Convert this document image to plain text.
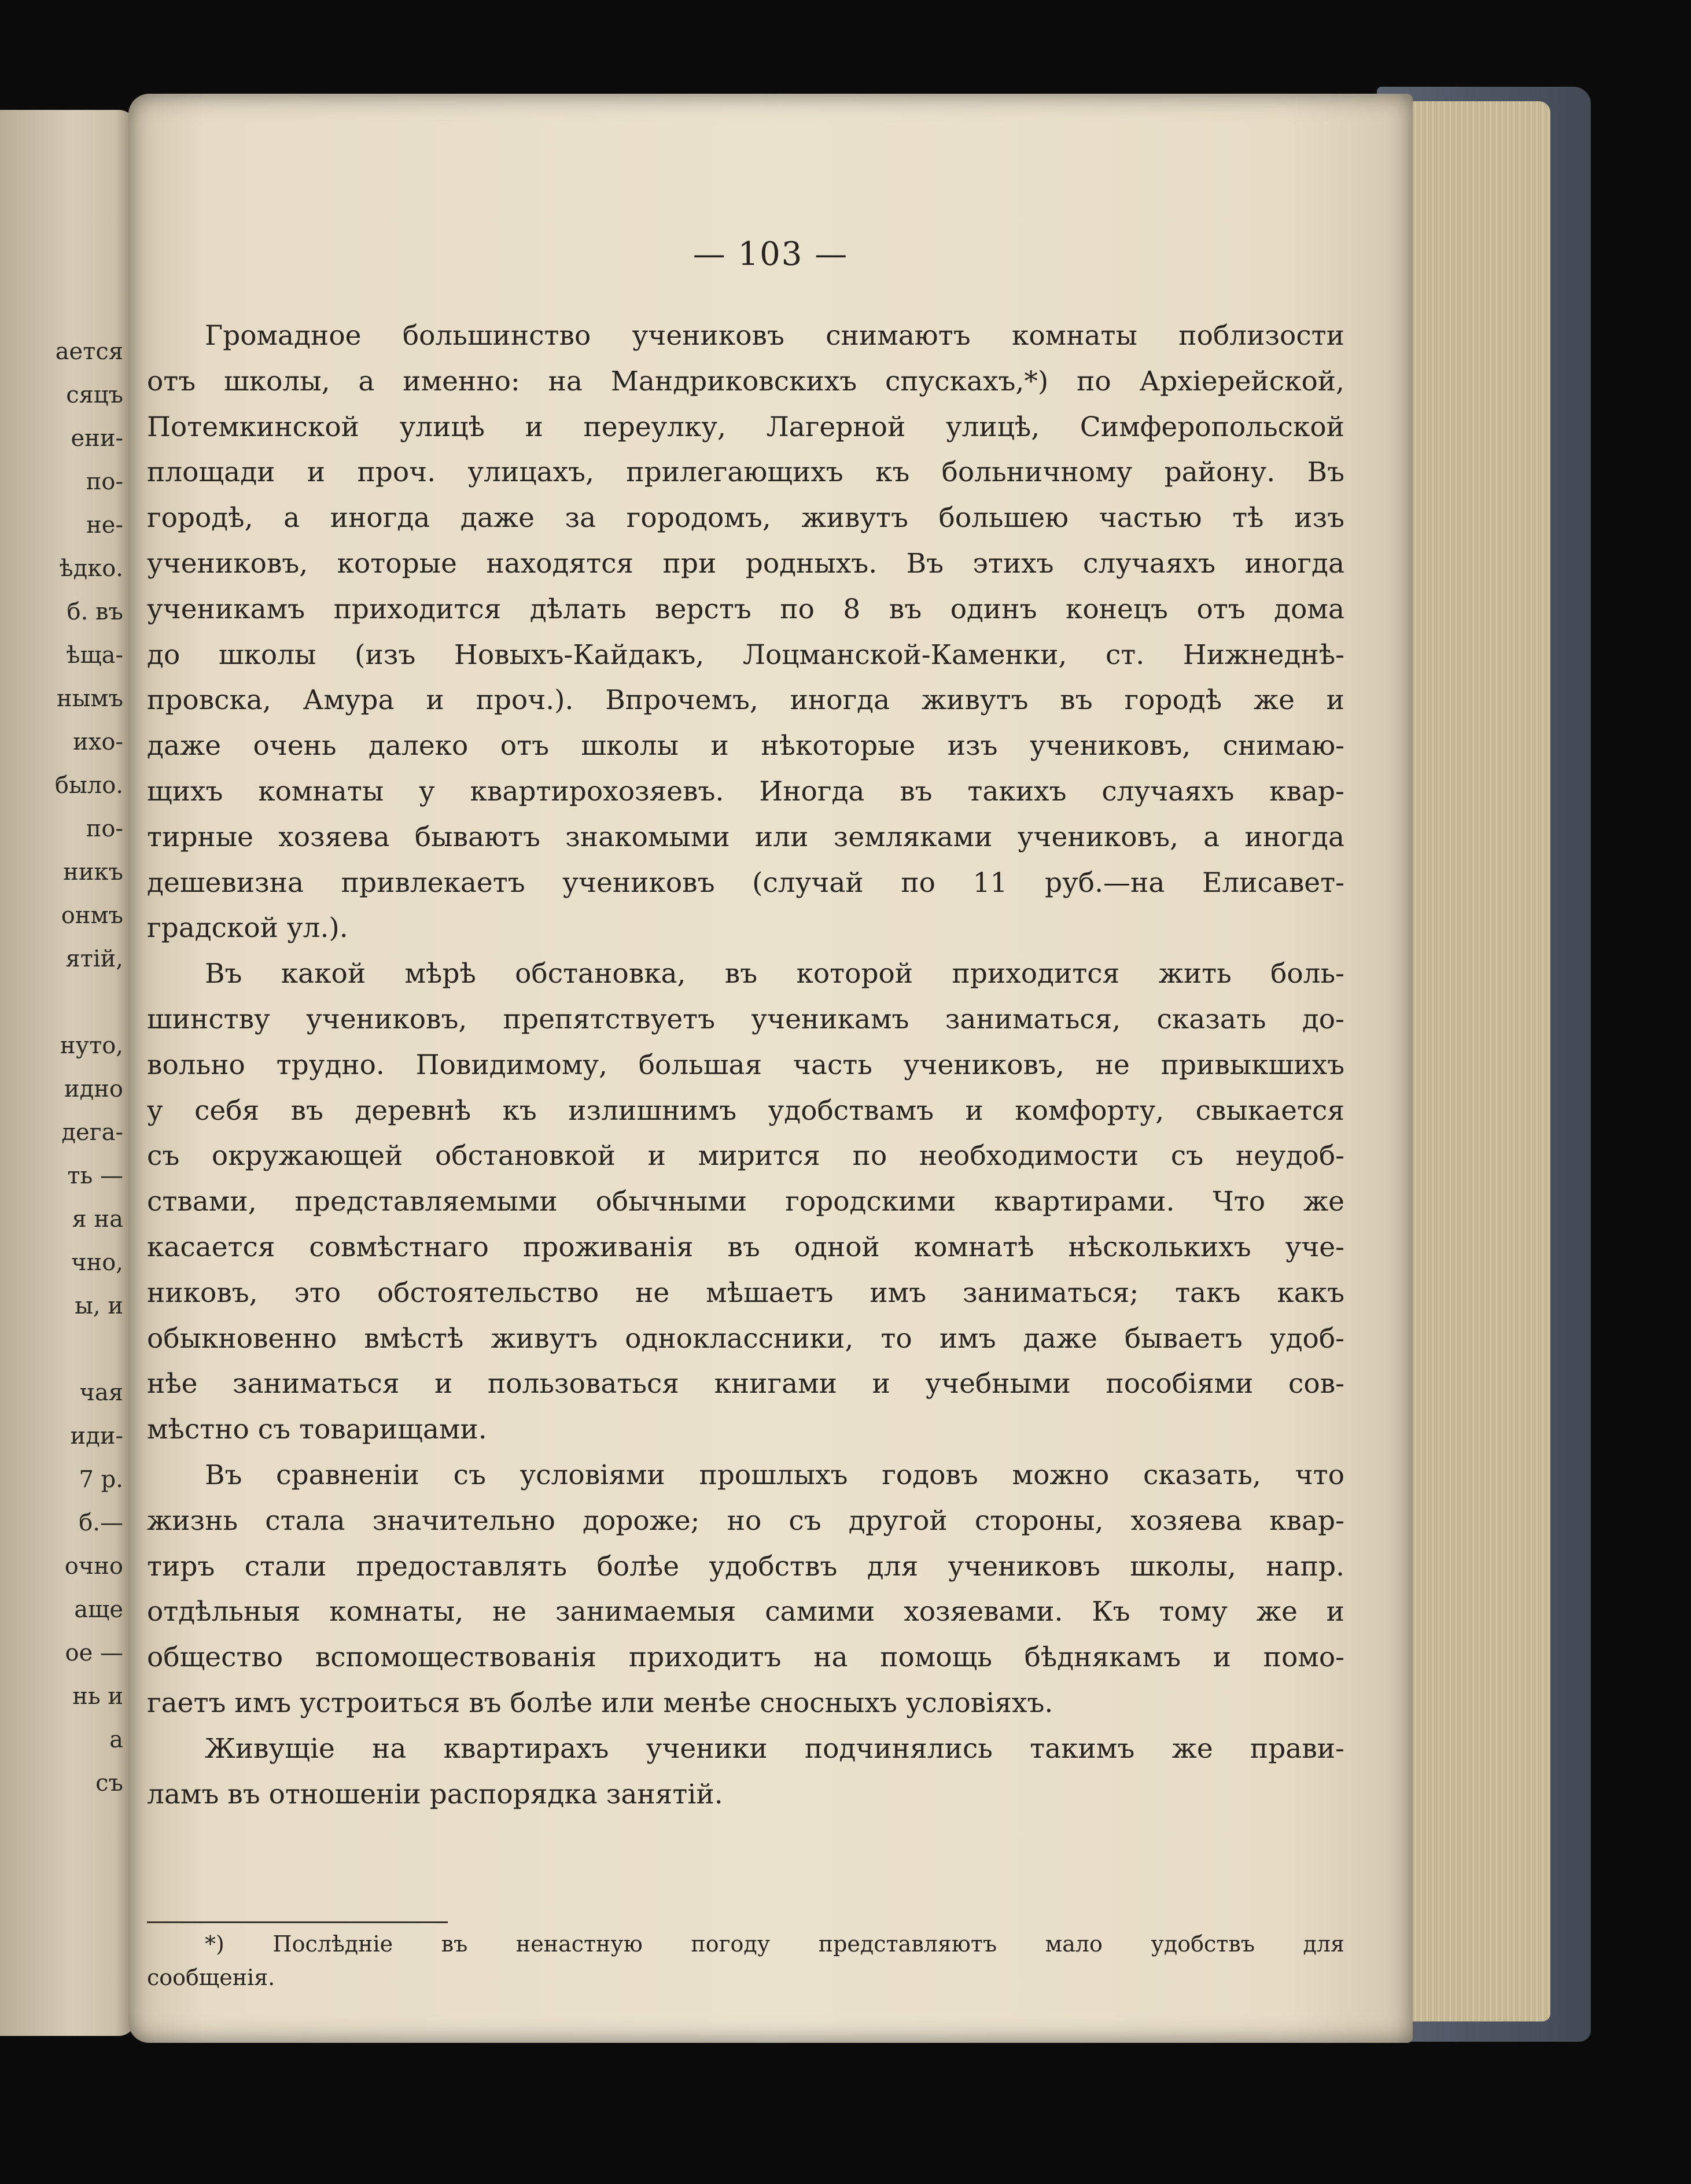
ается
сяцъ
ени-
по-
не-
ѣдко.
б. въ
ѣща-
нымъ
ихо-
было.
по-
никъ
онмъ
ятій,
нуто,
идно
дега-
ть —
я на
чно,
ы, и
чая
иди-
7 р.
б.—
очно
аще
ое —
нь и
а
съ
— 103 —
Громадное большинство учениковъ снимаютъ комнаты поблизости
отъ школы, а именно: на Мандриковскихъ спускахъ,*) по Архіерейской,
Потемкинской улицѣ и переулку, Лагерной улицѣ, Симферопольской
площади и проч. улицахъ, прилегающихъ къ больничному району. Въ
городѣ, а иногда даже за городомъ, живутъ большею частью тѣ изъ
учениковъ, которые находятся при родныхъ. Въ этихъ случаяхъ иногда
ученикамъ приходится дѣлать верстъ по 8 въ одинъ конецъ отъ дома
до школы (изъ Новыхъ-Кайдакъ, Лоцманской-Каменки, ст. Нижнеднѣ-
провска, Амура и проч.). Впрочемъ, иногда живутъ въ городѣ же и
даже очень далеко отъ школы и нѣкоторые изъ учениковъ, снимаю-
щихъ комнаты у квартирохозяевъ. Иногда въ такихъ случаяхъ квар-
тирные хозяева бываютъ знакомыми или земляками учениковъ, а иногда
дешевизна привлекаетъ учениковъ (случай по 11 руб.—на Елисавет-
градской ул.).
Въ какой мѣрѣ обстановка, въ которой приходится жить боль-
шинству учениковъ, препятствуетъ ученикамъ заниматься, сказать до-
вольно трудно. Повидимому, большая часть учениковъ, не привыкшихъ
у себя въ деревнѣ къ излишнимъ удобствамъ и комфорту, свыкается
съ окружающей обстановкой и мирится по необходимости съ неудоб-
ствами, представляемыми обычными городскими квартирами. Что же
касается совмѣстнаго проживанія въ одной комнатѣ нѣсколькихъ уче-
никовъ, это обстоятельство не мѣшаетъ имъ заниматься; такъ какъ
обыкновенно вмѣстѣ живутъ одноклассники, то имъ даже бываетъ удоб-
нѣе заниматься и пользоваться книгами и учебными пособіями сов-
мѣстно съ товарищами.
Въ сравненіи съ условіями прошлыхъ годовъ можно сказать, что
жизнь стала значительно дороже; но съ другой стороны, хозяева квар-
тиръ стали предоставлять болѣе удобствъ для учениковъ школы, напр.
отдѣльныя комнаты, не занимаемыя самими хозяевами. Къ тому же и
общество вспомоществованія приходитъ на помощь бѣднякамъ и помо-
гаетъ имъ устроиться въ болѣе или менѣе сносныхъ условіяхъ.
Живущіе на квартирахъ ученики подчинялись такимъ же прави-
ламъ въ отношеніи распорядка занятій.
*) Послѣдніе въ ненастную погоду представляютъ мало удобствъ для
сообщенія.
